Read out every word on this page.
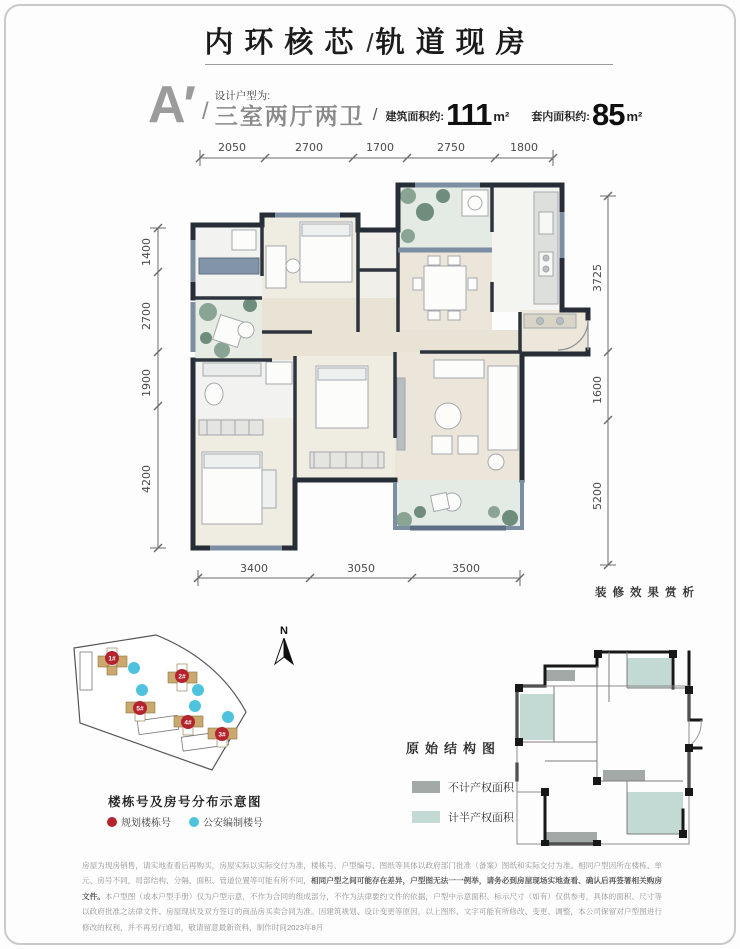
内环核芯/轨道现房
A′ /
设计户型为:
三室两厅两卫 / 建筑面积约: 111 m² 套内面积约: 85 m²
2050	2700	1700	2750	1800
1400
2700
1900
4200
3725
1600
5200
3400	3050	3500
装修效果赏析
1#
2#
5#
4#
3#
N
楼栋号及房号分布示意图
规划楼栋号	公安编制楼号
原始结构图
不计产权面积
计半产权面积

房屋为现房销售，请实地查看后再购买，房屋实际以实际交付为准，楼栋号、户型编号、图纸等具体以政府部门批准（备案）图纸和实际交付为准。相同户型因所在楼栋、单元、房号不同，局部结构、分隔、面积、管道位置等可能有所不同，相同户型之间可能存在差异，户型图无法一一例举，请务必到房屋现场实地查看、确认后再签署相关购房文件。本户型图（或本户型手册）仅为户型示意，不作为合同的组成部分，不作为法律要约文件的依据，户型中示意面积、标示尺寸（如有）仅供参考，具体的面积、尺寸等以政府批准之法律文件、房屋现状及双方签订的商品房买卖合同为准。因建筑规划、设计变更等原因，以上图形、文字可能有所修改、变更、调整，本公司保留对户型图进行修改的权利，并不再另行通知，敬请留意最新资料，制作时间2023年8月
